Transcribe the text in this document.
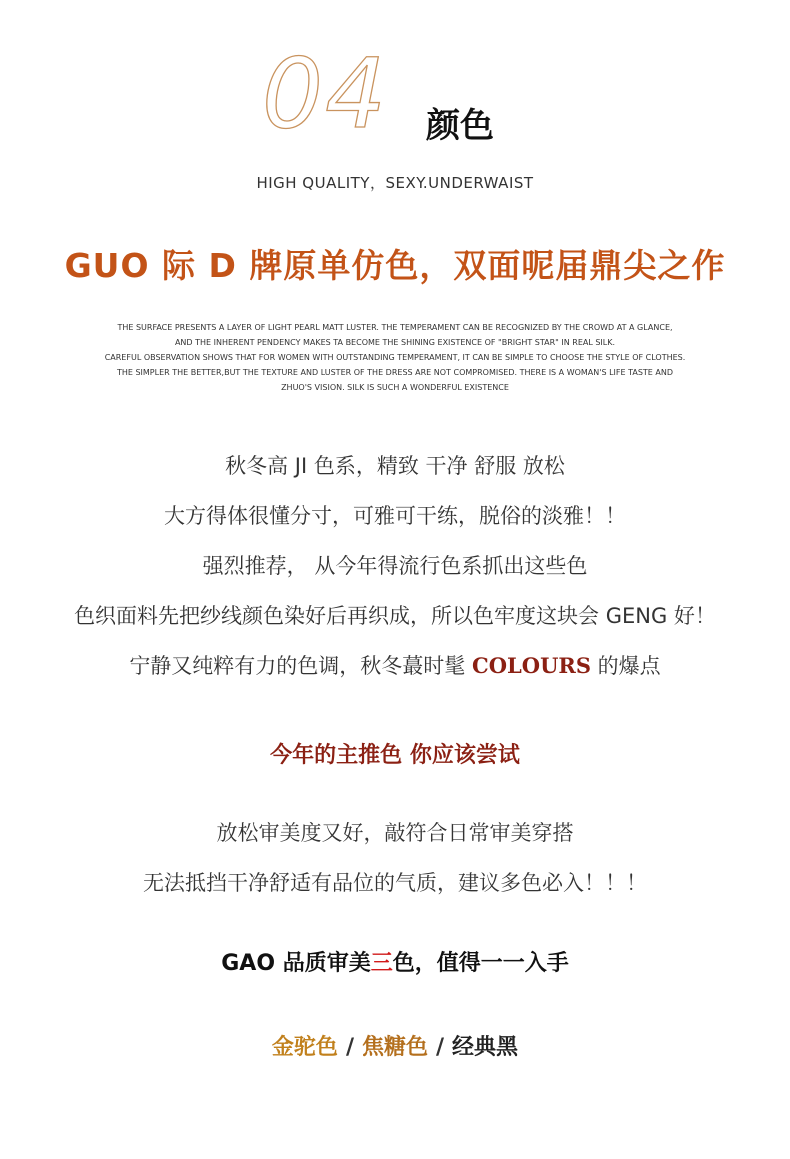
04 颜色
HIGH QUALITY，SEXY.UNDERWAIST
GUO 际 D 牌原单仿色，双面呢届鼎尖之作
THE SURFACE PRESENTS A LAYER OF LIGHT PEARL MATT LUSTER. THE TEMPERAMENT CAN BE RECOGNIZED BY THE CROWD AT A GLANCE,
AND THE INHERENT PENDENCY MAKES TA BECOME THE SHINING EXISTENCE OF "BRIGHT STAR" IN REAL SILK.
CAREFUL OBSERVATION SHOWS THAT FOR WOMEN WITH OUTSTANDING TEMPERAMENT, IT CAN BE SIMPLE TO CHOOSE THE STYLE OF CLOTHES.
THE SIMPLER THE BETTER,BUT THE TEXTURE AND LUSTER OF THE DRESS ARE NOT COMPROMISED. THERE IS A WOMAN'S LIFE TASTE AND
ZHUO'S VISION. SILK IS SUCH A WONDERFUL EXISTENCE
秋冬高 JI 色系，精致 干净 舒服 放松
大方得体很懂分寸，可雅可干练，脱俗的淡雅！！
强烈推荐， 从今年得流行色系抓出这些色
色织面料先把纱线颜色染好后再织成，所以色牢度这块会 GENG 好！
宁静又纯粹有力的色调，秋冬蕞时髦 COLOURS 的爆点
今年的主推色 你应该尝试
放松审美度又好，敲符合日常审美穿搭
无法抵挡干净舒适有品位的气质，建议多色必入！！！
GAO 品质审美三色，值得一一入手
金驼色 / 焦糖色 / 经典黑
